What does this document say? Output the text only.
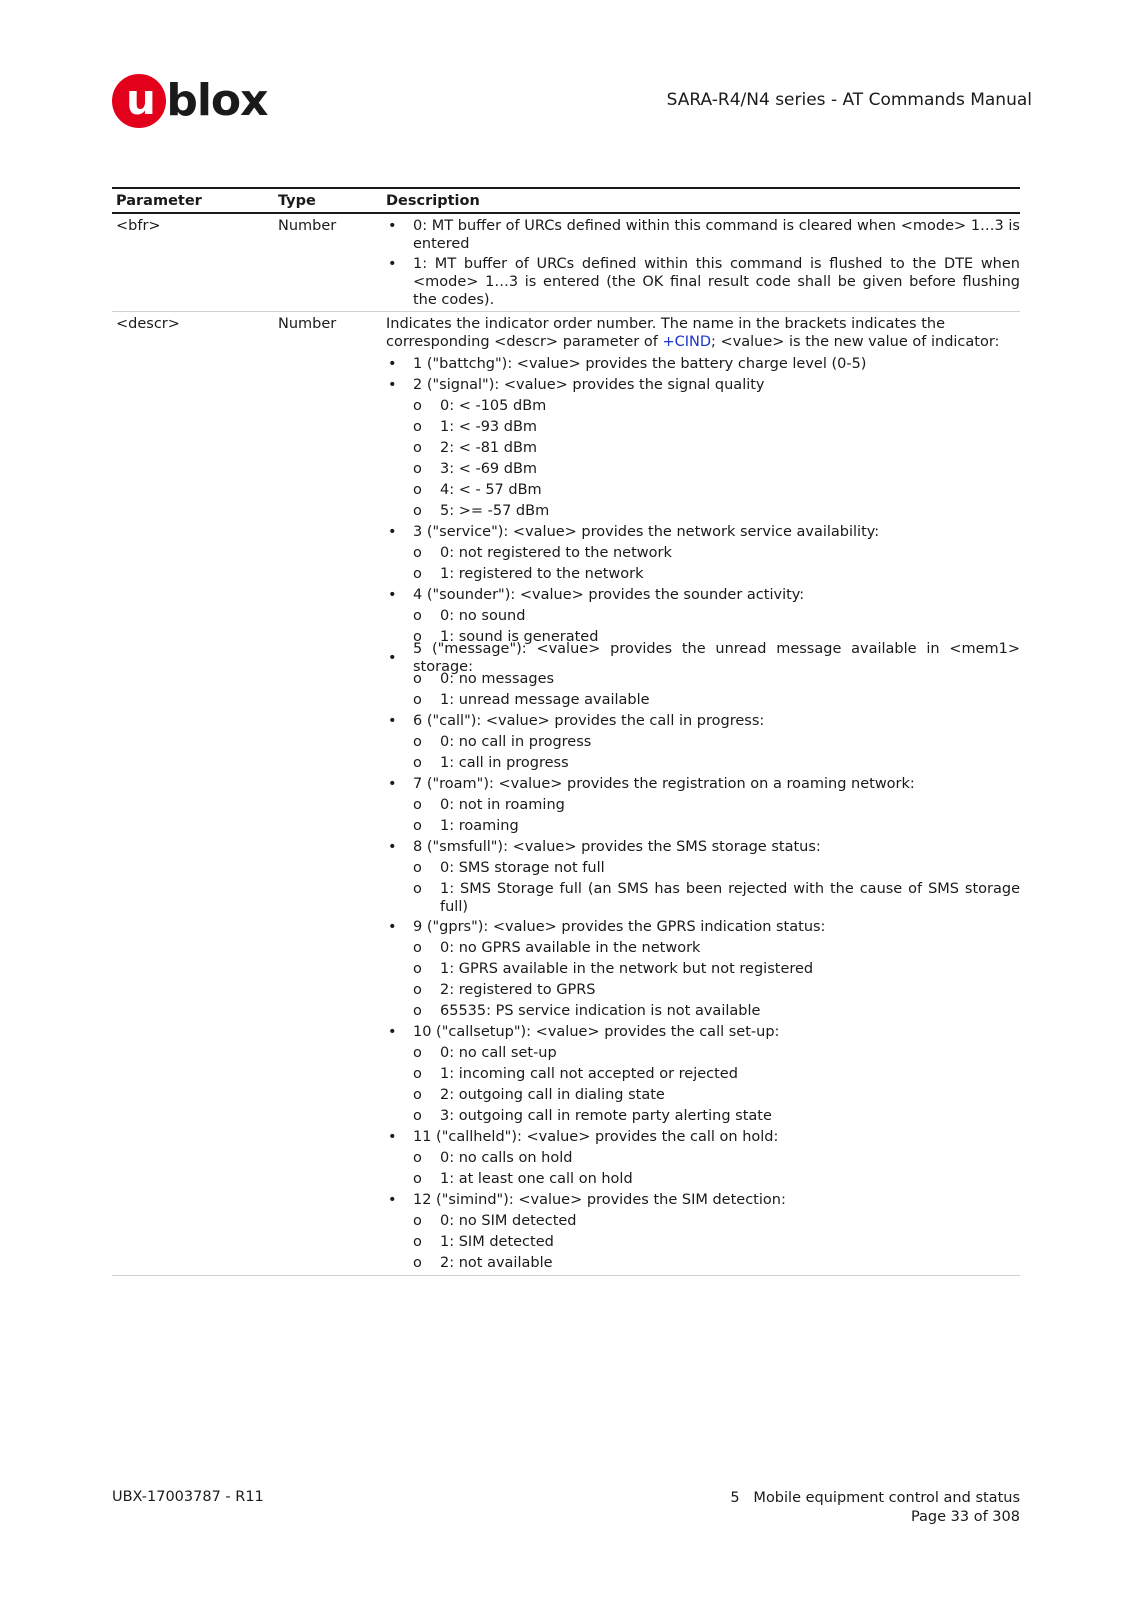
u
blox	SARA-R4/N4 series - AT Commands Manual
Parameter	Type	Description
<bfr>	Number	•	0: MT buffer of URCs defined within this command is cleared when <mode> 1…3 is entered
•	1: MT buffer of URCs defined within this command is flushed to the DTE when <mode> 1…3 is entered (the OK final result code shall be given before flushing the codes).
<descr>	Number	Indicates the indicator order number. The name in the brackets indicates the corresponding <descr> parameter of +CIND; <value> is the new value of indicator:
•	1 ("battchg"): <value> provides the battery charge level (0-5)
•	2 ("signal"): <value> provides the signal quality
o	0: < -105 dBm
o	1: < -93 dBm
o	2: < -81 dBm
o	3: < -69 dBm
o	4: < - 57 dBm
o	5: >= -57 dBm
•	3 ("service"): <value> provides the network service availability:
o	0: not registered to the network
o	1: registered to the network
•	4 ("sounder"): <value> provides the sounder activity:
o	0: no sound
o	1: sound is generated
•
5 ("message"): <value> provides the unread message available in <mem1> storage:
o	0: no messages
o	1: unread message available
•	6 ("call"): <value> provides the call in progress:
o	0: no call in progress
o	1: call in progress
•	7 ("roam"): <value> provides the registration on a roaming network:
o	0: not in roaming
o	1: roaming
•	8 ("smsfull"): <value> provides the SMS storage status:
o	0: SMS storage not full
o	1: SMS Storage full (an SMS has been rejected with the cause of SMS storage full)
•	9 ("gprs"): <value> provides the GPRS indication status:
o	0: no GPRS available in the network
o	1: GPRS available in the network but not registered
o	2: registered to GPRS
o	65535: PS service indication is not available
•	10 ("callsetup"): <value> provides the call set-up:
o	0: no call set-up
o	1: incoming call not accepted or rejected
o	2: outgoing call in dialing state
o	3: outgoing call in remote party alerting state
•	11 ("callheld"): <value> provides the call on hold:
o	0: no calls on hold
o	1: at least one call on hold
•	12 ("simind"): <value> provides the SIM detection:
o	0: no SIM detected
o	1: SIM detected
o	2: not available
UBX-17003787 - R11	5   Mobile equipment control and status
Page 33 of 308
